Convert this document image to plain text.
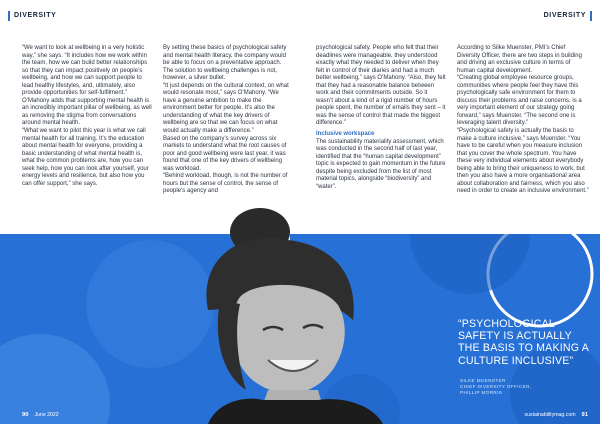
DIVERSITY	DIVERSITY

“We want to look at wellbeing in a very holistic way,” she says. “It includes how we work within the team, how we can build better relationships so that they can impact positively on people’s wellbeing, and how we can support people to lead healthy lifestyles, and, ultimately, also provide opportunities for self-fulfilment.”

O’Mahony adds that supporting mental health is an incredibly important pillar of wellbeing, as well as removing the stigma from conversations around mental health.

“What we want to pilot this year is what we call mental health for all training. It’s the education about mental health for everyone, providing a basic understanding of what mental health is, what the common problems are, how you can seek help, how you can look after yourself, your energy levels and resilience, but also how you can offer support,” she says.

By setting these basics of psychological safety and mental health literacy, the company would be able to focus on a preventative approach. The solution to wellbeing challenges is not, however, a silver bullet.

“It just depends on the cultural context, on what would resonate most,” says O’Mahony. “We have a genuine ambition to make the environment better for people. It’s also the understanding of what the key drivers of wellbeing are so that we can focus on what would actually make a difference.”

Based on the company’s survey across six markets to understand what the root causes of poor and good wellbeing were last year, it was found that one of the key drivers of wellbeing was workload.

“Behind workload, though, is not the number of hours but the sense of control, the sense of people’s agency and

psychological safety. People who felt that their deadlines were manageable, they understood exactly what they needed to deliver when they felt in control of their diaries and had a much better wellbeing,” says O’Mahony. “Also, they felt that they had a reasonable balance between work and their commitments outside. So it wasn’t about a kind of a rigid number of hours people spent, the number of emails they sent – it was the sense of control that made the biggest difference.”

Inclusive workspace

The sustainability materiality assessment, which was conducted in the second half of last year, identified that the “human capital development” topic is expected to gain momentum in the future despite being excluded from the list of most material topics, alongside “biodiversity” and “water”.

According to Silke Muenster, PMI’s Chief Diversity Officer, there are two steps in building and driving an exclusive culture in terms of human capital development.

“Creating global employee resource groups, communities where people feel they have this psychologically safe environment for them to discuss their problems and raise concerns, is a very important element of our strategy going forward,” says Muenster. “The second one is leveraging talent diversity.”

“Psychological safety is actually the basis to make a culture inclusive,” says Muenster. “You have to be careful when you measure inclusion that you cover the whole spectrum. You have these very individual elements about everybody being able to bring their uniqueness to work, but then you also have a more organisational area about collaboration and fairness, which you also need in order to create an inclusive environment.”

“PSYCHOLOGICAL SAFETY IS ACTUALLY THE BASIS TO MAKING A CULTURE INCLUSIVE”
SILKE MUENSTER
CHIEF DIVERSITY OFFICER,
PHILLIP MORRIS
90 June 2022	sustainabilitymag.com 91
